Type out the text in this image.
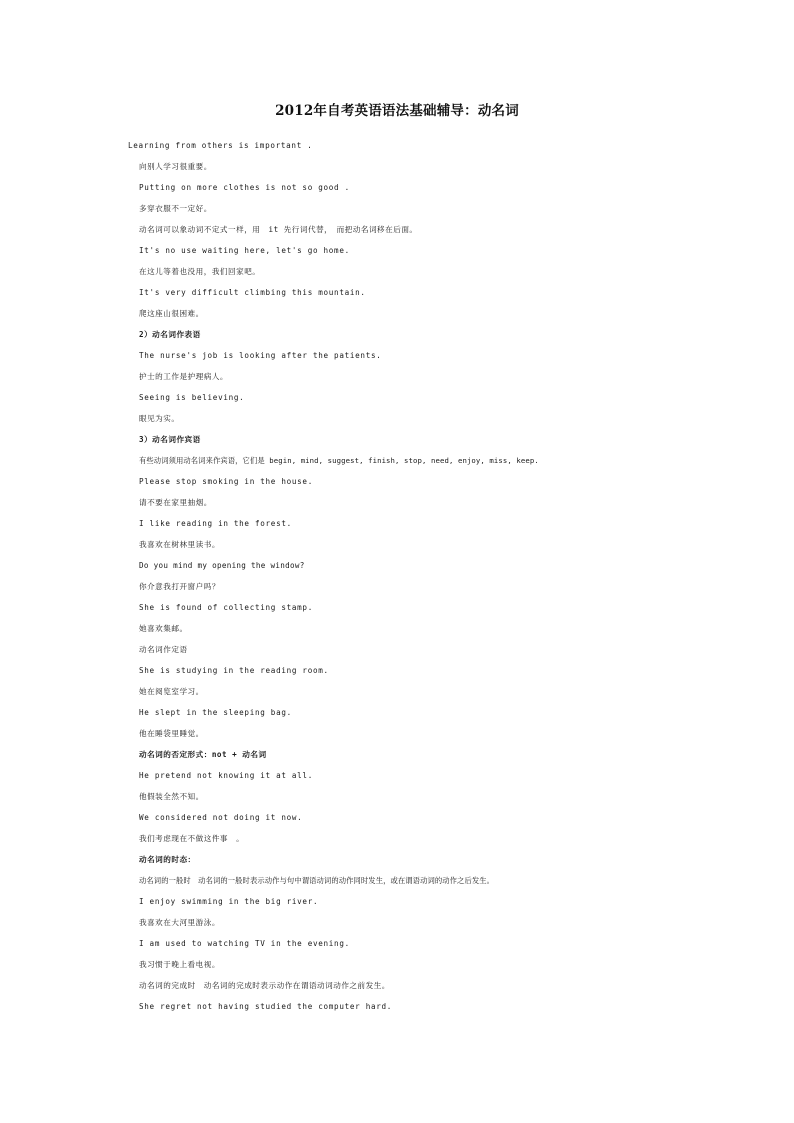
2012年自考英语语法基础辅导：动名词
Learning from others is important .
向别人学习很重要。
Putting on more clothes is not so good .
多穿衣服不一定好。
动名词可以象动词不定式一样，用　it 先行词代替，　而把动名词移在后面。
It's no use waiting here, let's go home.
在这儿等着也没用，我们回家吧。
It's very difficult climbing this mountain.
爬这座山很困难。
2）动名词作表语
The nurse's job is looking after the patients.
护士的工作是护理病人。
Seeing is believing.
眼见为实。
3）动名词作宾语
有些动词须用动名词来作宾语，它们是 begin, mind, suggest, finish, stop, need, enjoy, miss, keep.
Please stop smoking in the house.
请不要在家里抽烟。
I like reading in the forest.
我喜欢在树林里读书。
Do you mind my opening the window?
你介意我打开窗户吗？
She is found of collecting stamp.
她喜欢集邮。
动名词作定语
She is studying in the reading room.
她在阅览室学习。
He slept in the sleeping bag.
他在睡袋里睡觉。
动名词的否定形式：not + 动名词
He pretend not knowing it at all.
他假装全然不知。
We considered not doing it now.
我们考虑现在不做这件事　。
动名词的时态：
动名词的一般时　动名词的一般时表示动作与句中谓语动词的动作同时发生，或在谓语动词的动作之后发生。
I enjoy swimming in the big river.
我喜欢在大河里游泳。
I am used to watching TV in the evening.
我习惯于晚上看电视。
动名词的完成时　动名词的完成时表示动作在谓语动词动作之前发生。
She regret not having studied the computer hard.
